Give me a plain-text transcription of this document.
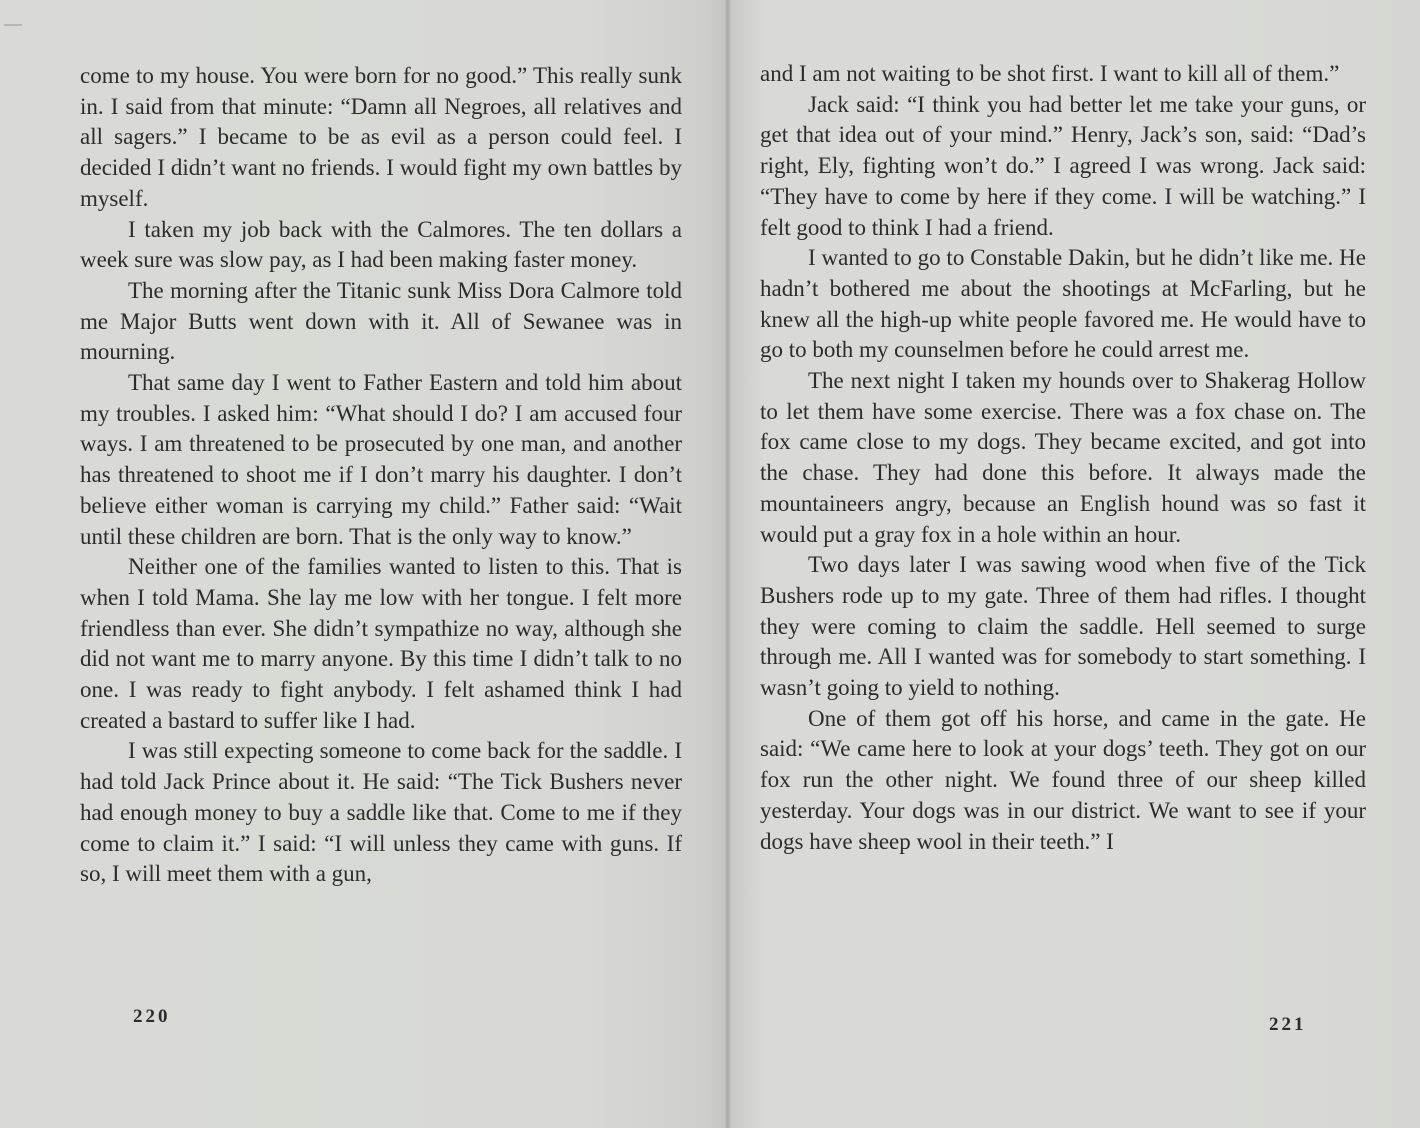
come to my house. You were born for no good.” This really sunk in. I said from that minute: “Damn all Negroes, all relatives and all sagers.” I became to be as evil as a person could feel. I decided I didn’t want no friends. I would fight my own battles by myself.

I taken my job back with the Calmores. The ten dollars a week sure was slow pay, as I had been making faster money.

The morning after the Titanic sunk Miss Dora Calmore told me Major Butts went down with it. All of Sewanee was in mourning.

That same day I went to Father Eastern and told him about my troubles. I asked him: “What should I do? I am accused four ways. I am threatened to be prosecuted by one man, and another has threatened to shoot me if I don’t marry his daughter. I don’t believe either woman is carrying my child.” Father said: “Wait until these children are born. That is the only way to know.”

Neither one of the families wanted to listen to this. That is when I told Mama. She lay me low with her tongue. I felt more friendless than ever. She didn’t sympathize no way, although she did not want me to marry anyone. By this time I didn’t talk to no one. I was ready to fight anybody. I felt ashamed think I had created a bastard to suffer like I had.

I was still expecting someone to come back for the saddle. I had told Jack Prince about it. He said: “The Tick Bushers never had enough money to buy a saddle like that. Come to me if they come to claim it.” I said: “I will unless they came with guns. If so, I will meet them with a gun,

220

and I am not waiting to be shot first. I want to kill all of them.”

Jack said: “I think you had better let me take your guns, or get that idea out of your mind.” Henry, Jack’s son, said: “Dad’s right, Ely, fighting won’t do.” I agreed I was wrong. Jack said: “They have to come by here if they come. I will be watching.” I felt good to think I had a friend.

I wanted to go to Constable Dakin, but he didn’t like me. He hadn’t bothered me about the shootings at McFarling, but he knew all the high-up white people favored me. He would have to go to both my counselmen before he could arrest me.

The next night I taken my hounds over to Shakerag Hollow to let them have some exercise. There was a fox chase on. The fox came close to my dogs. They became excited, and got into the chase. They had done this before. It always made the mountaineers angry, because an English hound was so fast it would put a gray fox in a hole within an hour.

Two days later I was sawing wood when five of the Tick Bushers rode up to my gate. Three of them had rifles. I thought they were coming to claim the saddle. Hell seemed to surge through me. All I wanted was for somebody to start something. I wasn’t going to yield to nothing.

One of them got off his horse, and came in the gate. He said: “We came here to look at your dogs’ teeth. They got on our fox run the other night. We found three of our sheep killed yesterday. Your dogs was in our district. We want to see if your dogs have sheep wool in their teeth.” I

221
